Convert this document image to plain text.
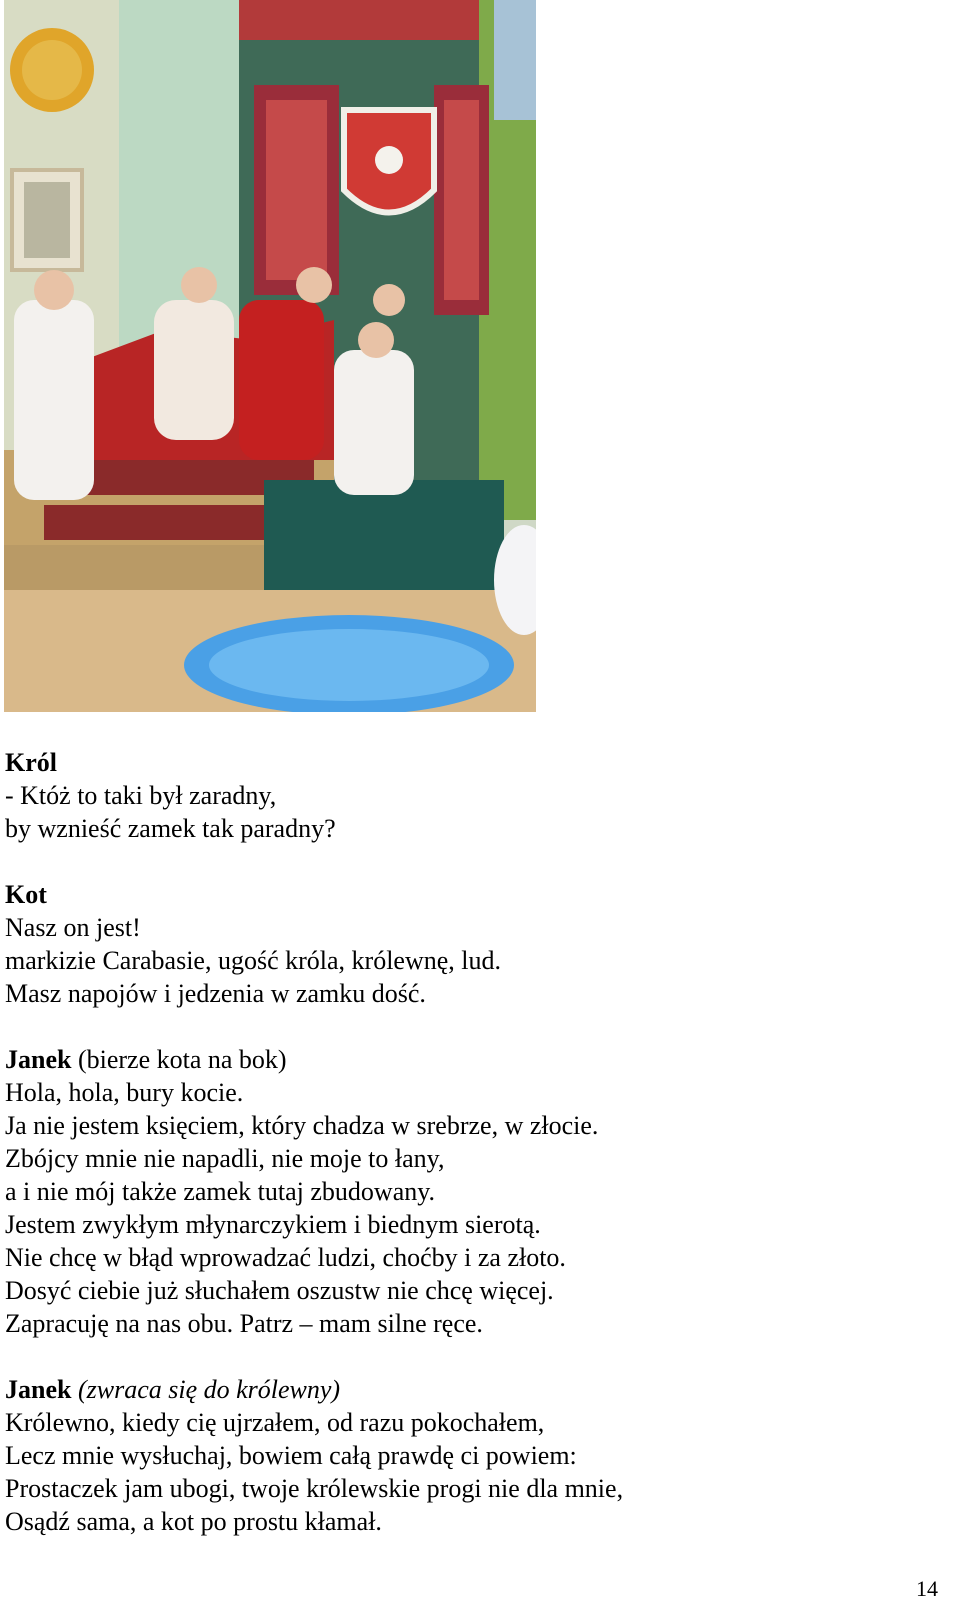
Król
- Któż to taki był zaradny,
by wznieść zamek tak paradny?
Kot
Nasz on jest!
markizie Carabasie, ugość króla, królewnę, lud.
Masz napojów i jedzenia w zamku dość.
Janek (bierze kota na bok)
Hola, hola, bury kocie.
Ja nie jestem księciem, który chadza w srebrze, w złocie.
Zbójcy mnie nie napadli, nie moje to łany,
a i nie mój także zamek tutaj zbudowany.
Jestem zwykłym młynarczykiem i biednym sierotą.
Nie chcę w błąd wprowadzać ludzi, choćby i za złoto.
Dosyć ciebie już słuchałem oszustw nie chcę więcej.
Zapracuję na nas obu. Patrz – mam silne ręce.
Janek (zwraca się do królewny)
Królewno, kiedy cię ujrzałem, od razu pokochałem,
Lecz mnie wysłuchaj, bowiem całą prawdę ci powiem:
Prostaczek jam ubogi, twoje królewskie progi nie dla mnie,
Osądź sama, a kot po prostu kłamał.
14
